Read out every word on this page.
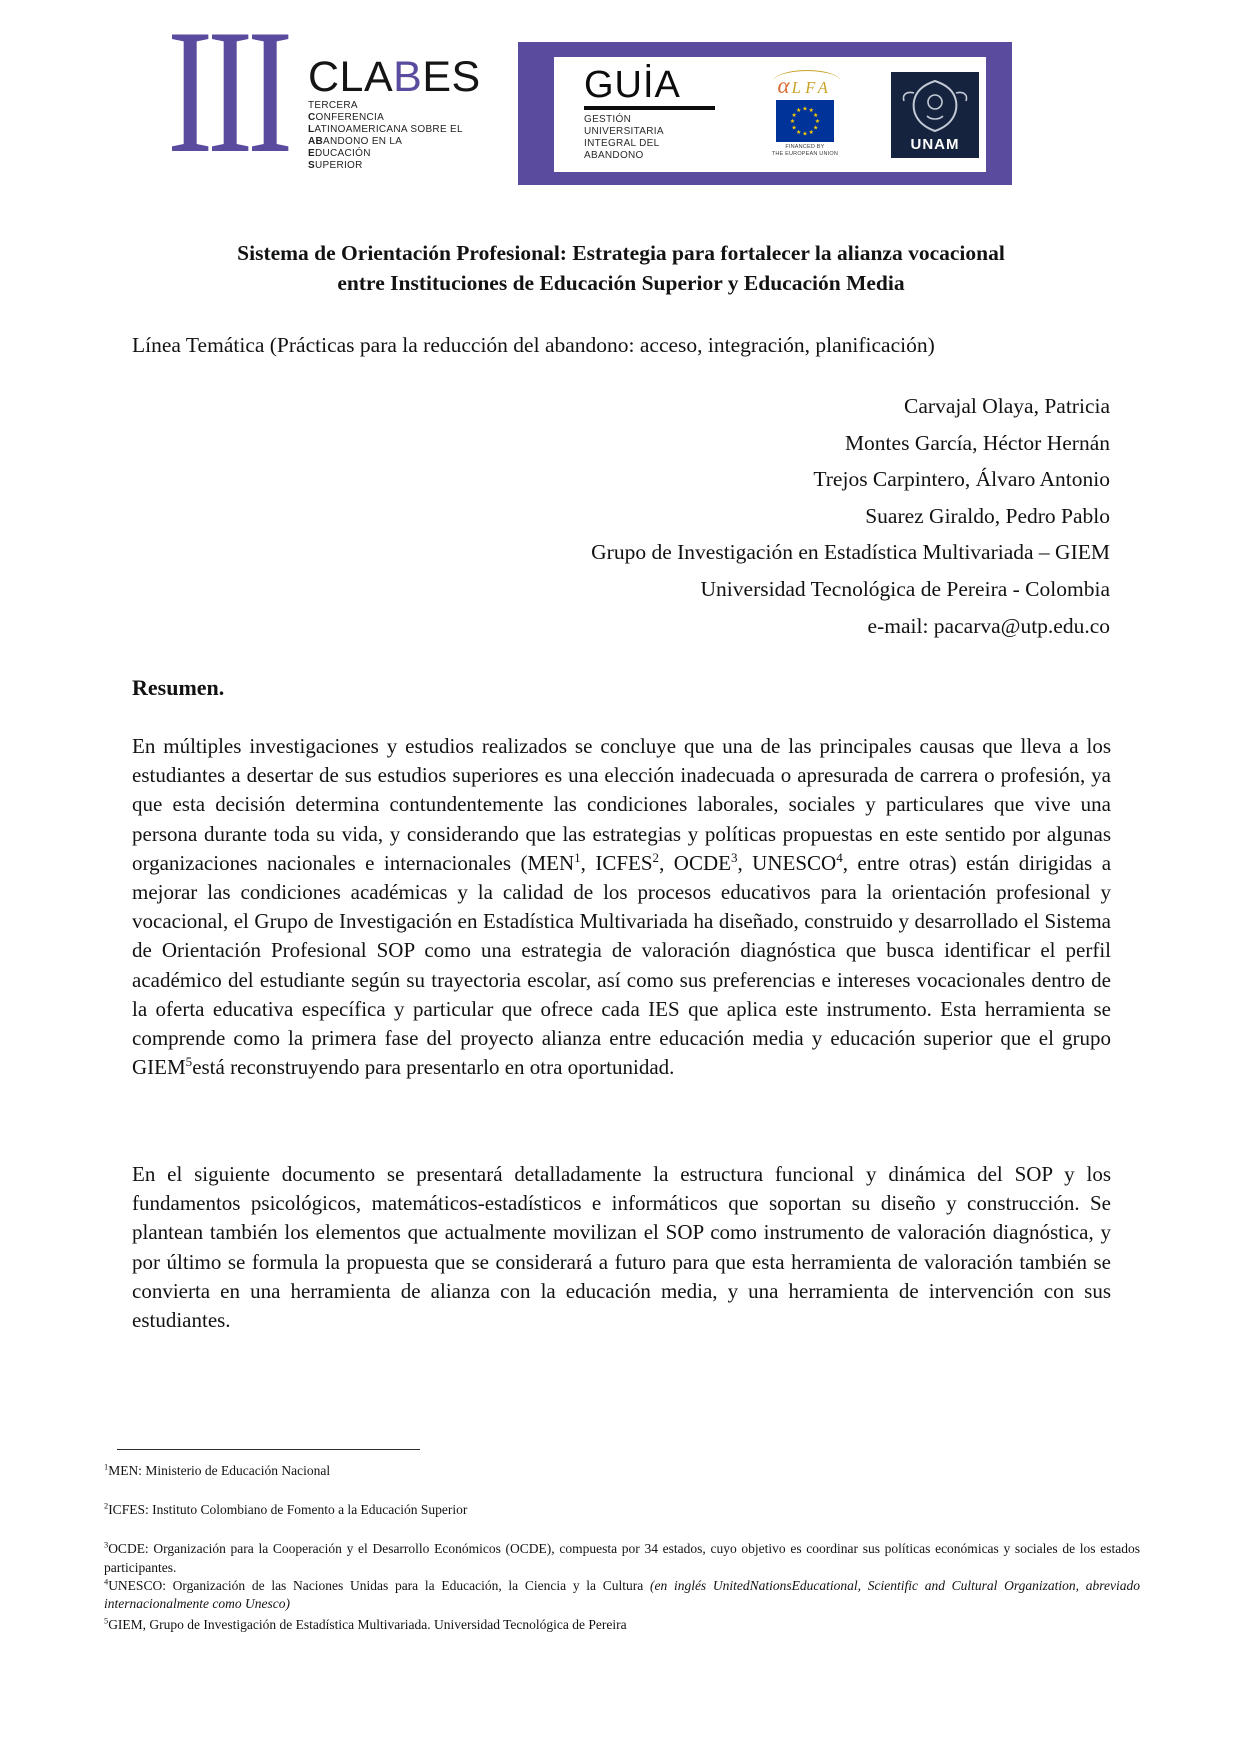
III CLABES
TERCERA
CONFERENCIA
LATINOAMERICANA SOBRE EL
ABANDONO EN LA
EDUCACIÓN
SUPERIOR
GUİA
GESTIÓN
UNIVERSITARIA
INTEGRAL DEL
ABANDONO
α LFA
★ ★
★
★
★
★
★
★
★
★
★
★
FINANCED BY
THE EUROPEAN UNION
UNAM
Sistema de Orientación Profesional: Estrategia para fortalecer la alianza vocacional
entre Instituciones de Educación Superior y Educación Media
Línea Temática (Prácticas para la reducción del abandono: acceso, integración, planificación)
Carvajal Olaya, Patricia
Montes García, Héctor Hernán
Trejos Carpintero, Álvaro Antonio
Suarez Giraldo, Pedro Pablo
Grupo de Investigación en Estadística Multivariada – GIEM
Universidad Tecnológica de Pereira - Colombia
e-mail: pacarva@utp.edu.co
Resumen.

En múltiples investigaciones y estudios realizados se concluye que una de las principales causas que lleva a los estudiantes a desertar de sus estudios superiores es una elección inadecuada o apresurada de carrera o profesión, ya que esta decisión determina contundentemente las condiciones laborales, sociales y particulares que vive una persona durante toda su vida, y considerando que las estrategias y políticas propuestas en este sentido por algunas organizaciones nacionales e internacionales (MEN$^1$, ICFES$^2$, OCDE$^3$, UNESCO$^4$, entre otras) están dirigidas a mejorar las condiciones académicas y la calidad de los procesos educativos para la orientación profesional y vocacional, el Grupo de Investigación en Estadística Multivariada ha diseñado, construido y desarrollado el Sistema de Orientación Profesional SOP como una estrategia de valoración diagnóstica que busca identificar el perfil académico del estudiante según su trayectoria escolar, así como sus preferencias e intereses vocacionales dentro de la oferta educativa específica y particular que ofrece cada IES que aplica este instrumento. Esta herramienta se comprende como la primera fase del proyecto alianza entre educación media y educación superior que el grupo GIEM$^5$está reconstruyendo para presentarlo en otra oportunidad.

En el siguiente documento se presentará detalladamente la estructura funcional y dinámica del SOP y los fundamentos psicológicos, matemáticos-estadísticos e informáticos que soportan su diseño y construcción. Se plantean también los elementos que actualmente movilizan el SOP como instrumento de valoración diagnóstica, y por último se formula la propuesta que se considerará a futuro para que esta herramienta de valoración también se convierta en una herramienta de alianza con la educación media, y una herramienta de intervención con sus estudiantes.

$^1$MEN: Ministerio de Educación Nacional
$^2$ICFES: Instituto Colombiano de Fomento a la Educación Superior
$^3$OCDE: Organización para la Cooperación y el Desarrollo Económicos (OCDE), compuesta por 34 estados, cuyo objetivo es coordinar sus políticas económicas y sociales de los estados participantes.
$^4$UNESCO: Organización de las Naciones Unidas para la Educación, la Ciencia y la Cultura (en inglés UnitedNationsEducational, Scientific and Cultural Organization, abreviado internacionalmente como Unesco)
$^5$GIEM, Grupo de Investigación de Estadística Multivariada. Universidad Tecnológica de Pereira
